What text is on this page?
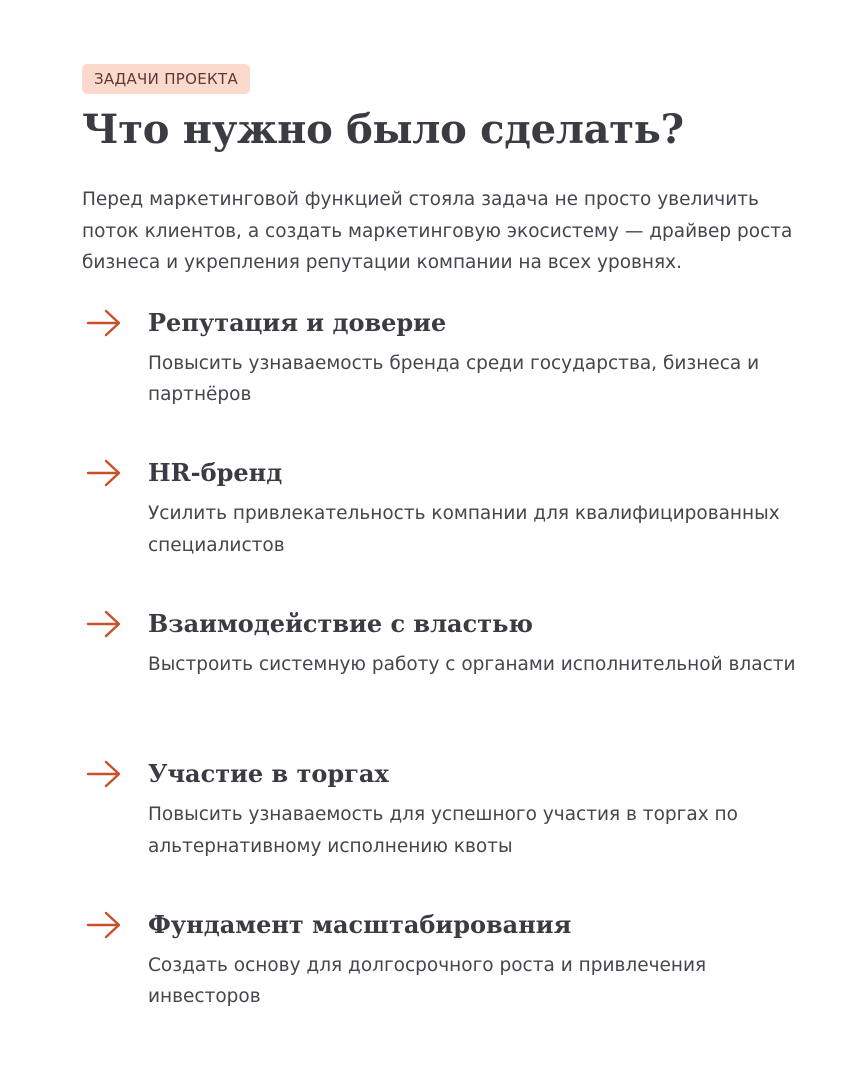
ЗАДАЧИ ПРОЕКТА
Что нужно было сделать?

Перед маркетинговой функцией стояла задача не просто увеличить поток клиентов, а создать маркетинговую экосистему — драйвер роста бизнеса и укрепления репутации компании на всех уровнях.

Репутация и доверие
Повысить узнаваемость бренда среди государства, бизнеса и партнёров
HR-бренд
Усилить привлекательность компании для квалифицированных специалистов
Взаимодействие с властью
Выстроить системную работу с органами исполнительной власти
Участие в торгах
Повысить узнаваемость для успешного участия в торгах по альтернативному исполнению квоты
Фундамент масштабирования
Создать основу для долгосрочного роста и привлечения инвесторов
